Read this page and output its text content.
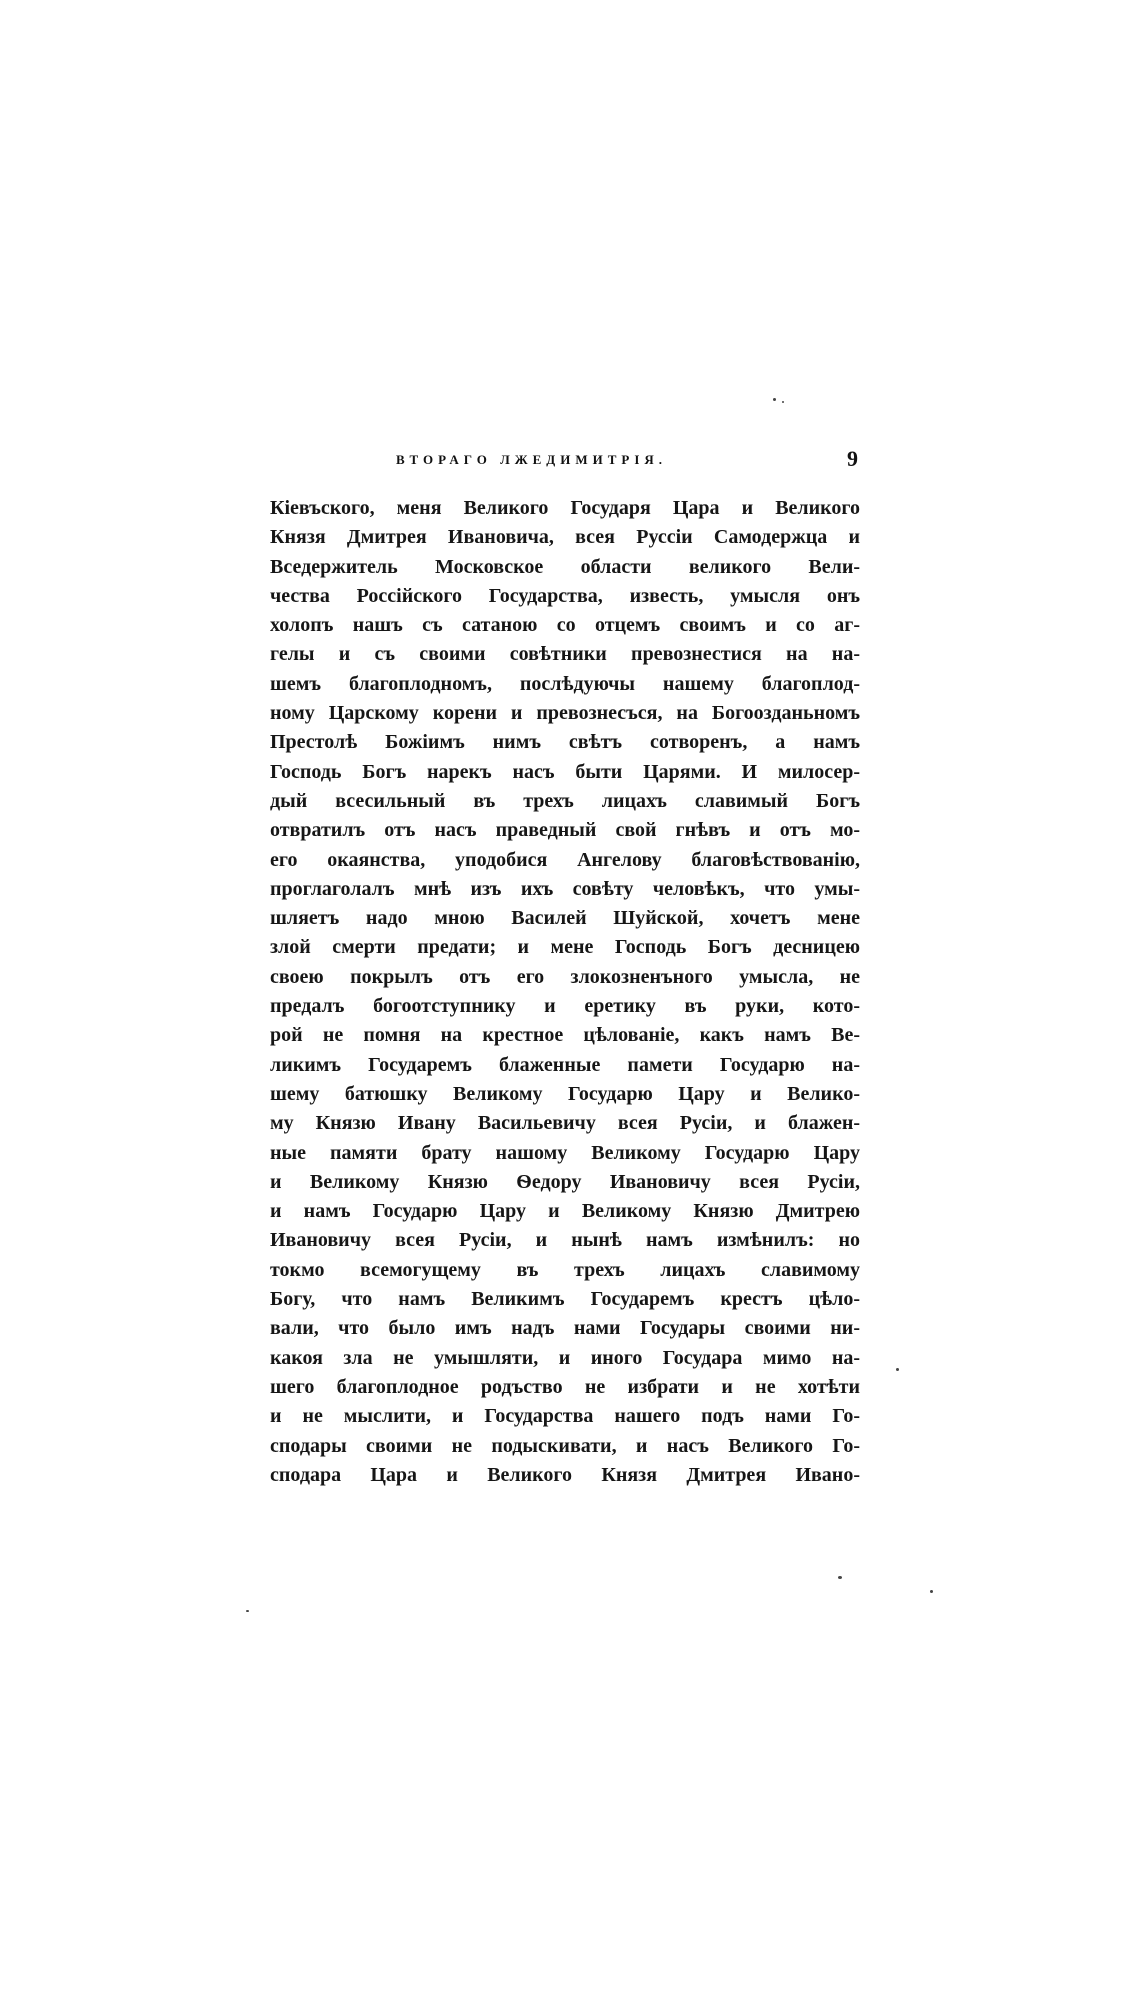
ВТОРАГО ЛЖЕДИМИТРІЯ.	9
Кіевъского, меня Великого Государя Цара и Великого
Князя Дмитрея Ивановича, всея Руссіи Самодержца и
Вседержитель Московское области великого Вели-
чества Россійского Государства, известь, умысля онъ
холопъ нашъ съ сатаною со отцемъ своимъ и со аг-
гелы и съ своими совѣтники превознестися на на-
шемъ благоплодномъ, послѣдуючы нашему благоплод-
ному Царскому корени и превознесъся, на Богоозданьномъ
Престолѣ Божіимъ нимъ свѣтъ сотворенъ, а намъ
Господь Богъ нарекъ насъ быти Царями. И милосер-
дый всесильный въ трехъ лицахъ славимый Богъ
отвратилъ отъ насъ праведный свой гнѣвъ и отъ мо-
его окаянства, уподобися Ангелову благовѣствованію,
проглаголалъ мнѣ изъ ихъ совѣту человѣкъ, что умы-
шляетъ надо мною Василей Шуйской, хочетъ мене
злой смерти предати; и мене Господь Богъ десницею
своею покрылъ отъ его злокозненъного умысла, не
предалъ богоотступнику и еретику въ руки, кото-
рой не помня на крестное цѣлованіе, какъ намъ Ве-
ликимъ Государемъ блаженные памети Государю на-
шему батюшку Великому Государю Цару и Велико-
му Князю Ивану Васильевичу всея Русіи, и блажен-
ные памяти брату нашому Великому Государю Цару
и Великому Князю Ѳедору Ивановичу всея Русіи,
и намъ Государю Цару и Великому Князю Дмитрею
Ивановичу всея Русіи, и нынѣ намъ измѣнилъ: но
токмо всемогущему въ трехъ лицахъ славимому
Богу, что намъ Великимъ Государемъ крестъ цѣло-
вали, что было имъ надъ нами Государы своими ни-
какоя зла не умышляти, и иного Государа мимо на-
шего благоплодное родъство не избрати и не хотѣти
и не мыслити, и Государства нашего подъ нами Го-
сподары своими не подыскивати, и насъ Великого Го-
сподара Цара и Великого Князя Дмитрея Ивано-
